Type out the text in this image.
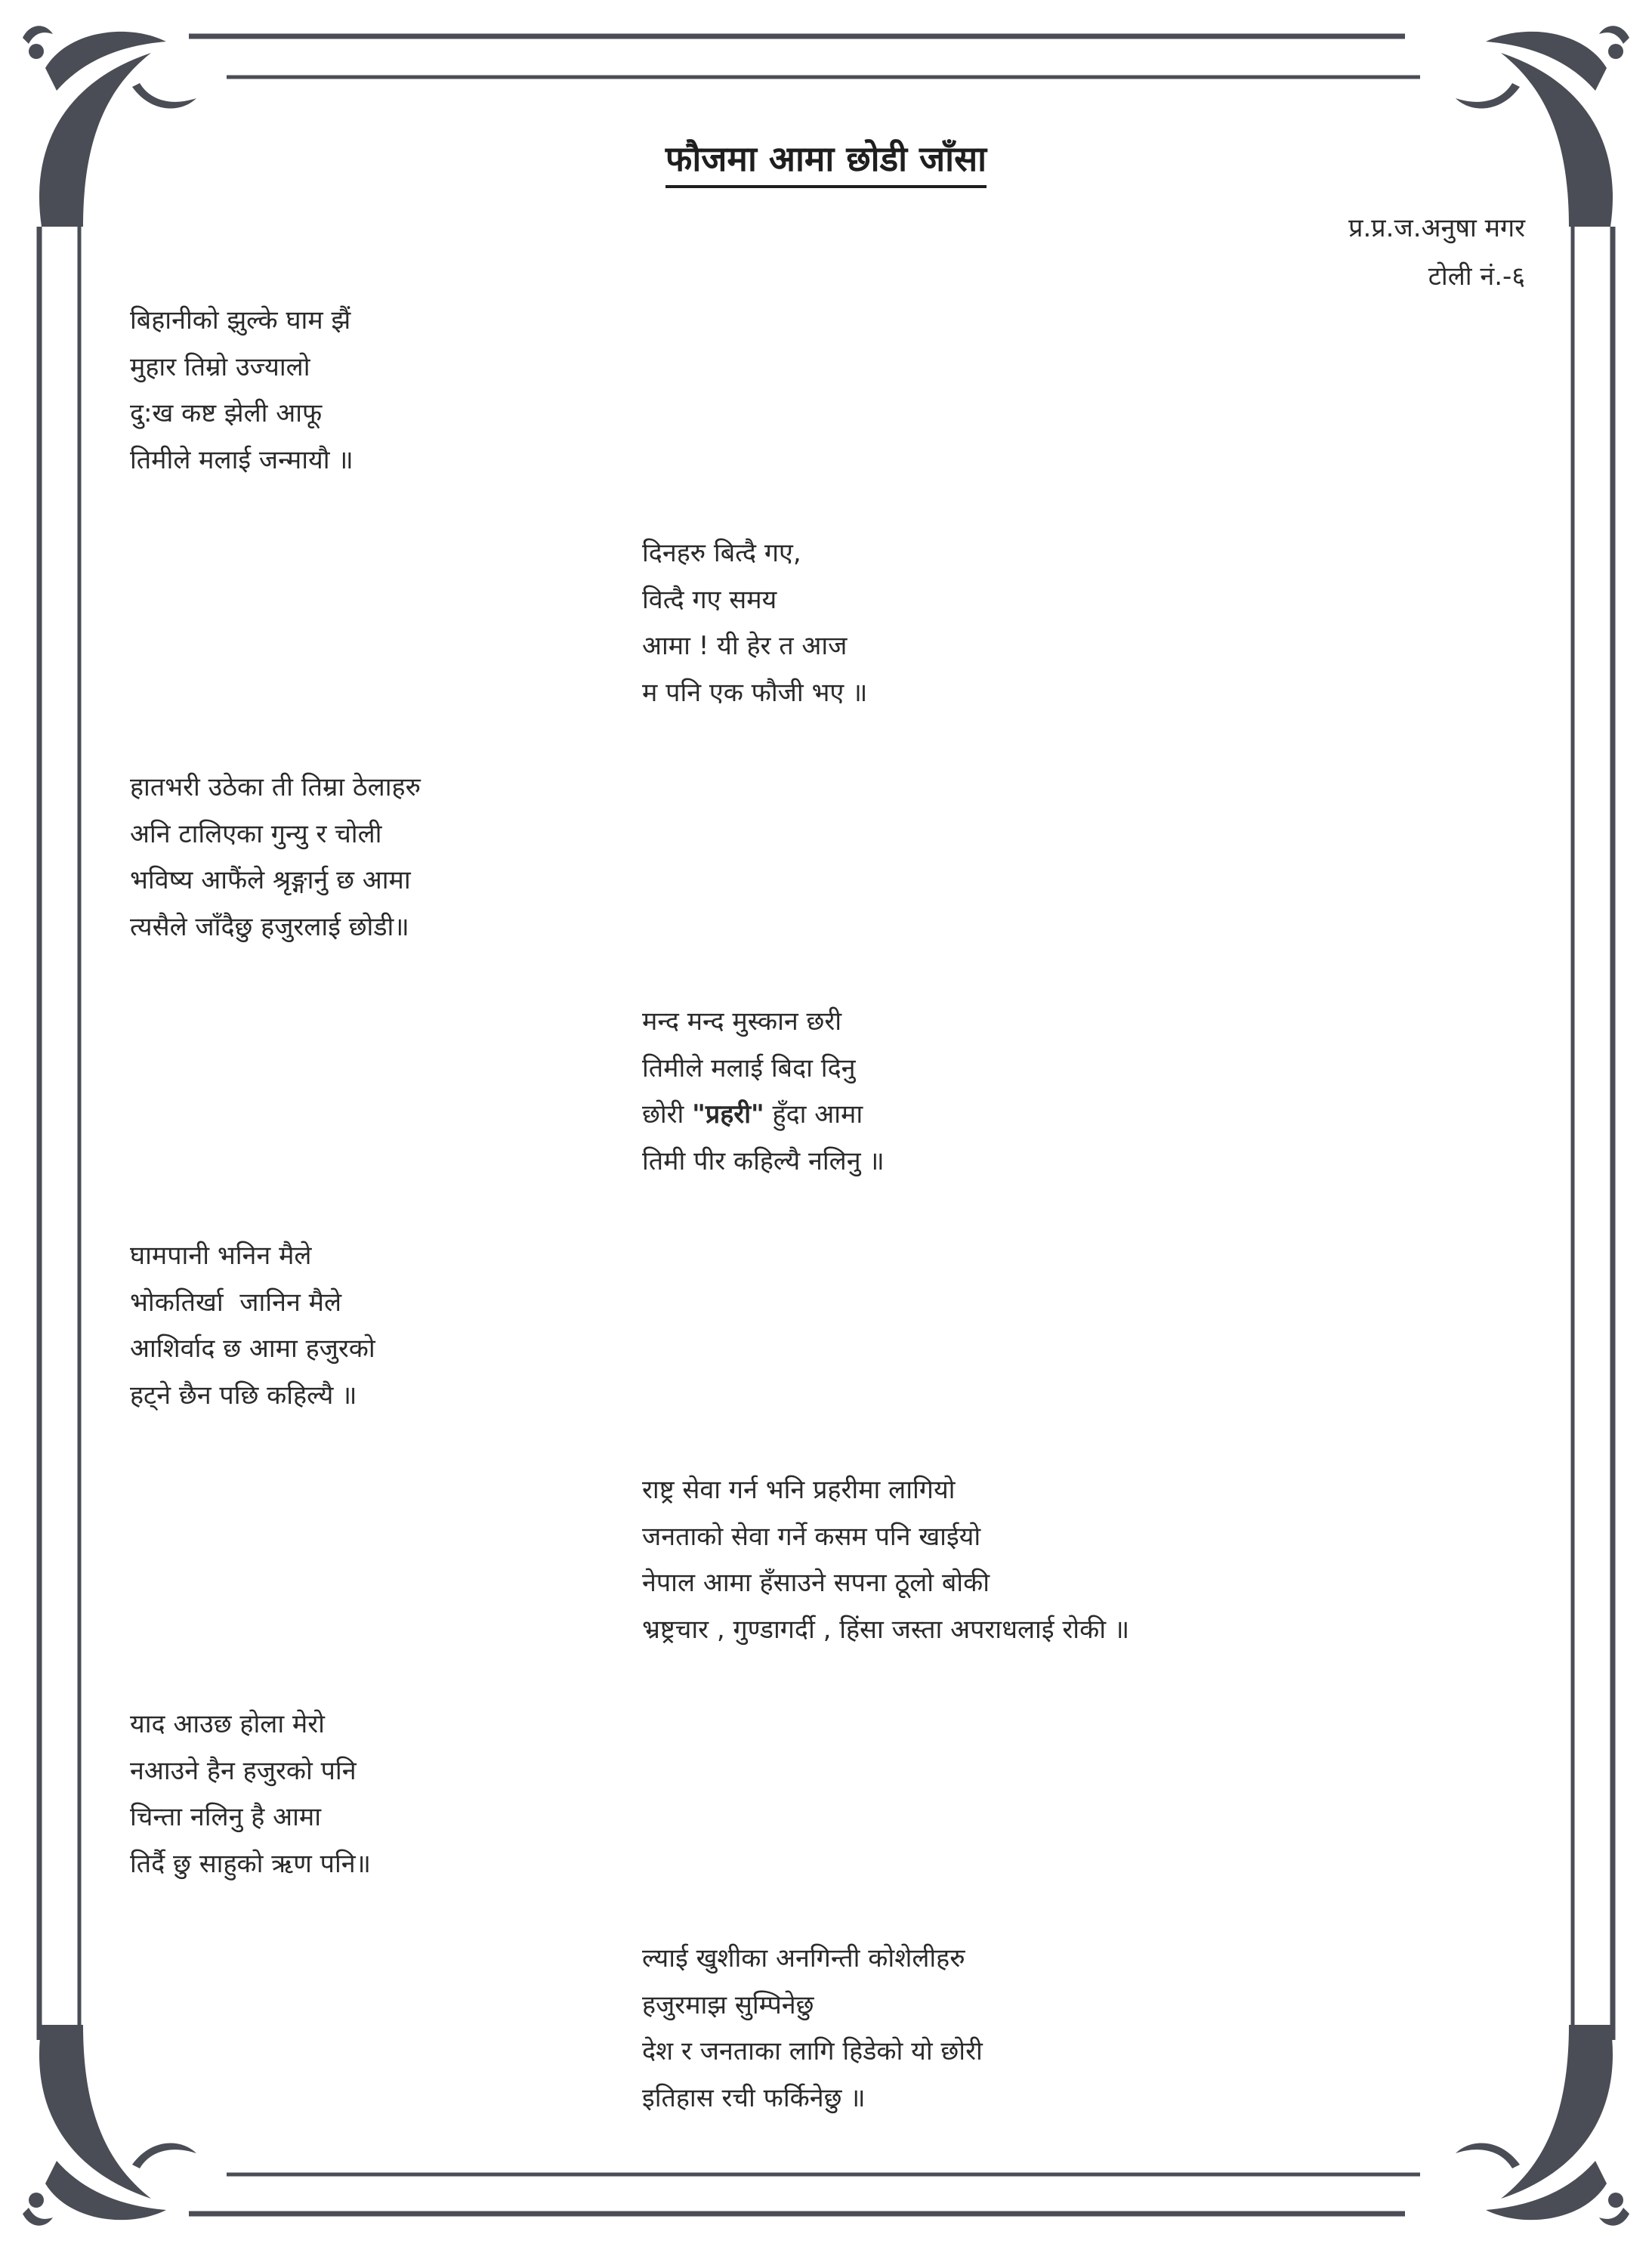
फौजमा आमा छोडी जाँसा
प्र.प्र.ज.अनुषा मगर
टोली नं.-६
बिहानीको झुल्के घाम झैं
मुहार तिम्रो उज्यालो
दु:ख कष्ट झेली आफू
तिमीले मलाई जन्मायौ ॥
दिनहरु बित्दै गए,
वित्दै गए समय
आमा ! यी हेर त आज
म पनि एक फौजी भए ॥
हातभरी उठेका ती तिम्रा ठेलाहरु
अनि टालिएका गुन्यु र चोली
भविष्य आफैंले श्रृङ्गार्नु छ आमा
त्यसैले जाँदैछु हजुरलाई छोडी॥
मन्द मन्द मुस्कान छरी
तिमीले मलाई बिदा दिनु
छोरी "प्रहरी" हुँदा आमा
तिमी पीर कहिल्यै नलिनु ॥
घामपानी भनिन मैले
भोकतिर्खा  जानिन मैले
आशिर्वाद छ आमा हजुरको
हट्ने छैन पछि कहिल्यै ॥
राष्ट्र सेवा गर्न भनि प्रहरीमा लागियो
जनताको सेवा गर्ने कसम पनि खाईयो
नेपाल आमा हँसाउने सपना ठूलो बोकी
भ्रष्ट्रचार , गुण्डागर्दी , हिंसा जस्ता अपराधलाई रोकी ॥
याद आउछ होला मेरो
नआउने हैन हजुरको पनि
चिन्ता नलिनु है आमा
तिर्दै छु साहुको ऋण पनि॥
ल्याई खुशीका अनगिन्ती कोशेलीहरु
हजुरमाझ सुम्पिनेछु
देश र जनताका लागि हिडेको यो छोरी
इतिहास रची फर्किनेछु ॥
